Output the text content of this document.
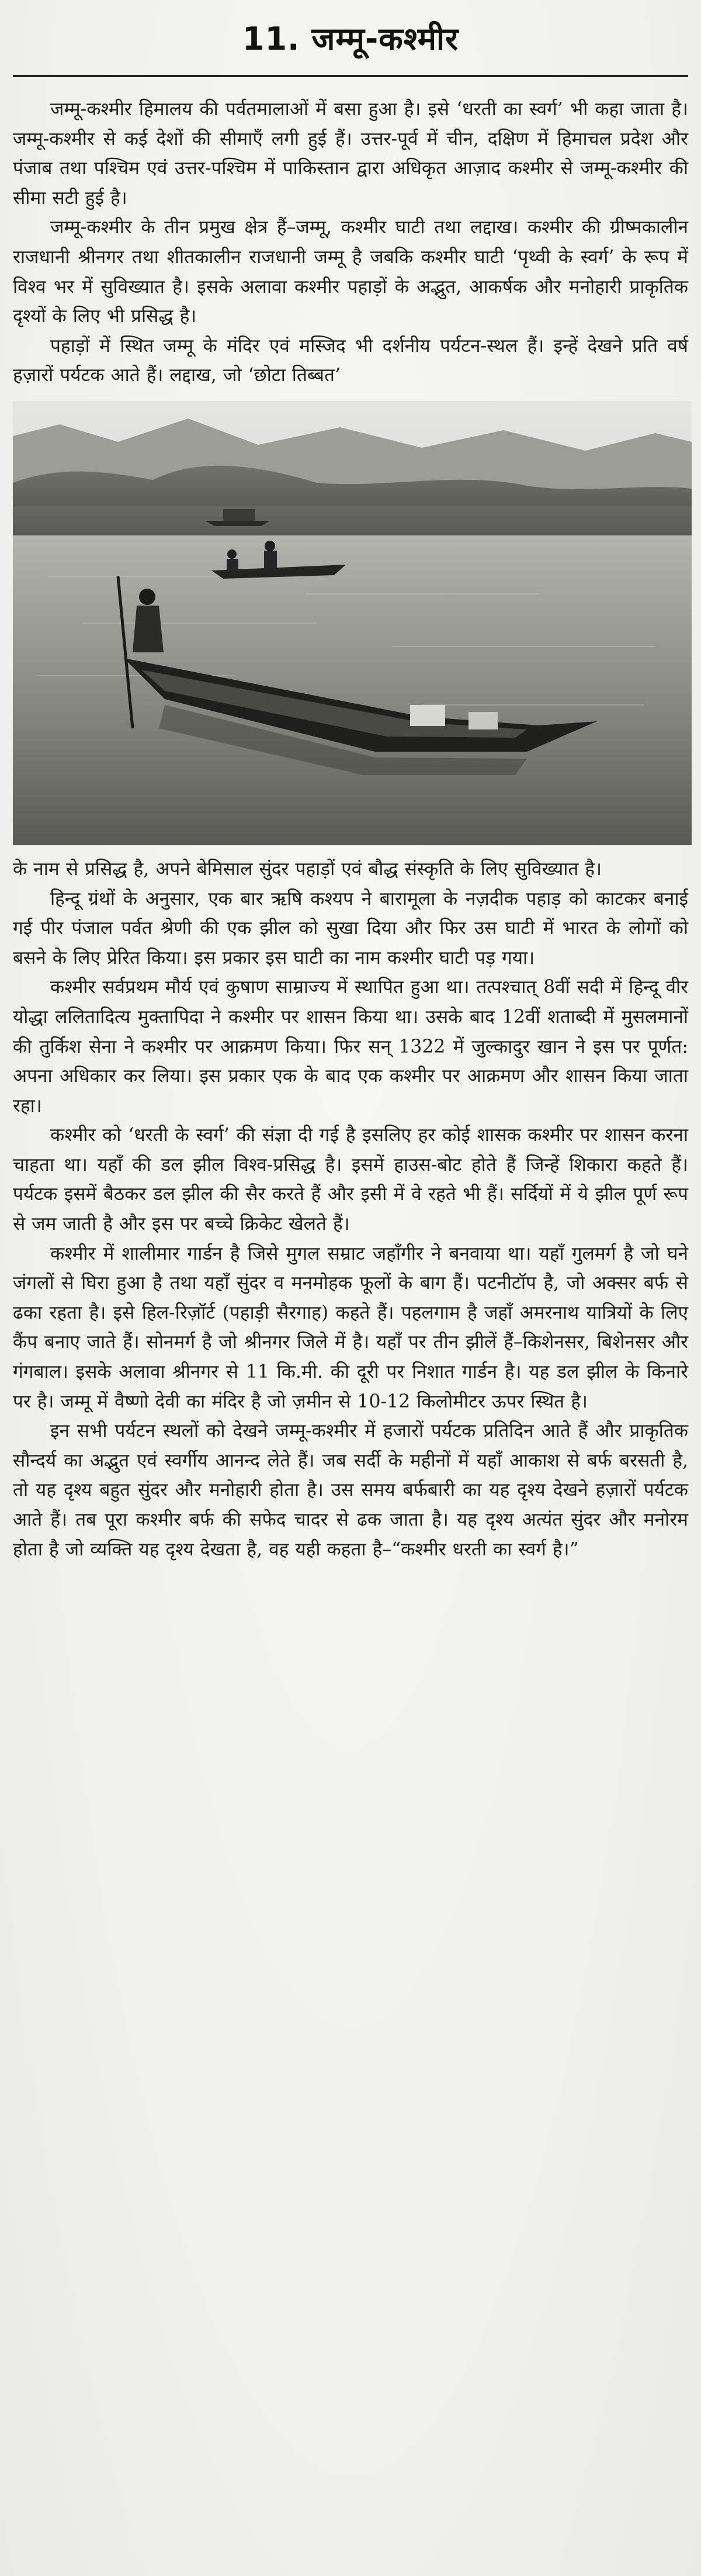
11. जम्मू-कश्मीर

जम्मू-कश्मीर हिमालय की पर्वतमालाओं में बसा हुआ है। इसे ‘धरती का स्वर्ग’ भी कहा जाता है। जम्मू-कश्मीर से कई देशों की सीमाएँ लगी हुई हैं। उत्तर-पूर्व में चीन, दक्षिण में हिमाचल प्रदेश और पंजाब तथा पश्चिम एवं उत्तर-पश्चिम में पाकिस्तान द्वारा अधिकृत आज़ाद कश्मीर से जम्मू-कश्मीर की सीमा सटी हुई है।

जम्मू-कश्मीर के तीन प्रमुख क्षेत्र हैं–जम्मू, कश्मीर घाटी तथा लद्दाख। कश्मीर की ग्रीष्मकालीन राजधानी श्रीनगर तथा शीतकालीन राजधानी जम्मू है जबकि कश्मीर घाटी ‘पृथ्वी के स्वर्ग’ के रूप में विश्व भर में सुविख्यात है। इसके अलावा कश्मीर पहाड़ों के अद्भुत, आकर्षक और मनोहारी प्राकृतिक दृश्यों के लिए भी प्रसिद्ध है।

पहाड़ों में स्थित जम्मू के मंदिर एवं मस्जिद भी दर्शनीय पर्यटन-स्थल हैं। इन्हें देखने प्रति वर्ष हज़ारों पर्यटक आते हैं। लद्दाख, जो ‘छोटा तिब्बत’

के नाम से प्रसिद्ध है, अपने बेमिसाल सुंदर पहाड़ों एवं बौद्ध संस्कृति के लिए सुविख्यात है।

हिन्दू ग्रंथों के अनुसार, एक बार ऋषि कश्यप ने बारामूला के नज़दीक पहाड़ को काटकर बनाई गई पीर पंजाल पर्वत श्रेणी की एक झील को सुखा दिया और फिर उस घाटी में भारत के लोगों को बसने के लिए प्रेरित किया। इस प्रकार इस घाटी का नाम कश्मीर घाटी पड़ गया।

कश्मीर सर्वप्रथम मौर्य एवं कुषाण साम्राज्य में स्थापित हुआ था। तत्पश्चात् 8वीं सदी में हिन्दू वीर योद्धा ललितादित्य मुक्तापिदा ने कश्मीर पर शासन किया था। उसके बाद 12वीं शताब्दी में मुसलमानों की तुर्किश सेना ने कश्मीर पर आक्रमण किया। फिर सन् 1322 में जुल्कादुर खान ने इस पर पूर्णत: अपना अधिकार कर लिया। इस प्रकार एक के बाद एक कश्मीर पर आक्रमण और शासन किया जाता रहा।

कश्मीर को ‘धरती के स्वर्ग’ की संज्ञा दी गई है इसलिए हर कोई शासक कश्मीर पर शासन करना चाहता था। यहाँ की डल झील विश्व-प्रसिद्ध है। इसमें हाउस-बोट होते हैं जिन्हें शिकारा कहते हैं। पर्यटक इसमें बैठकर डल झील की सैर करते हैं और इसी में वे रहते भी हैं। सर्दियों में ये झील पूर्ण रूप से जम जाती है और इस पर बच्चे क्रिकेट खेलते हैं।

कश्मीर में शालीमार गार्डन है जिसे मुगल सम्राट जहाँगीर ने बनवाया था। यहाँ गुलमर्ग है जो घने जंगलों से घिरा हुआ है तथा यहाँ सुंदर व मनमोहक फूलों के बाग हैं। पटनीटॉप है, जो अक्सर बर्फ से ढका रहता है। इसे हिल-रिज़ॉर्ट (पहाड़ी सैरगाह) कहते हैं। पहलगाम है जहाँ अमरनाथ यात्रियों के लिए कैंप बनाए जाते हैं। सोनमर्ग है जो श्रीनगर जिले में है। यहाँ पर तीन झीलें हैं–किशेनसर, बिशेनसर और गंगबाल। इसके अलावा श्रीनगर से 11 कि.मी. की दूरी पर निशात गार्डन है। यह डल झील के किनारे पर है। जम्मू में वैष्णो देवी का मंदिर है जो ज़मीन से 10-12 किलोमीटर ऊपर स्थित है।

इन सभी पर्यटन स्थलों को देखने जम्मू-कश्मीर में हजारों पर्यटक प्रतिदिन आते हैं और प्राकृतिक सौन्दर्य का अद्भुत एवं स्वर्गीय आनन्द लेते हैं। जब सर्दी के महीनों में यहाँ आकाश से बर्फ बरसती है, तो यह दृश्य बहुत सुंदर और मनोहारी होता है। उस समय बर्फबारी का यह दृश्य देखने हज़ारों पर्यटक आते हैं। तब पूरा कश्मीर बर्फ की सफेद चादर से ढक जाता है। यह दृश्य अत्यंत सुंदर और मनोरम होता है जो व्यक्ति यह दृश्य देखता है, वह यही कहता है–“कश्मीर धरती का स्वर्ग है।”
